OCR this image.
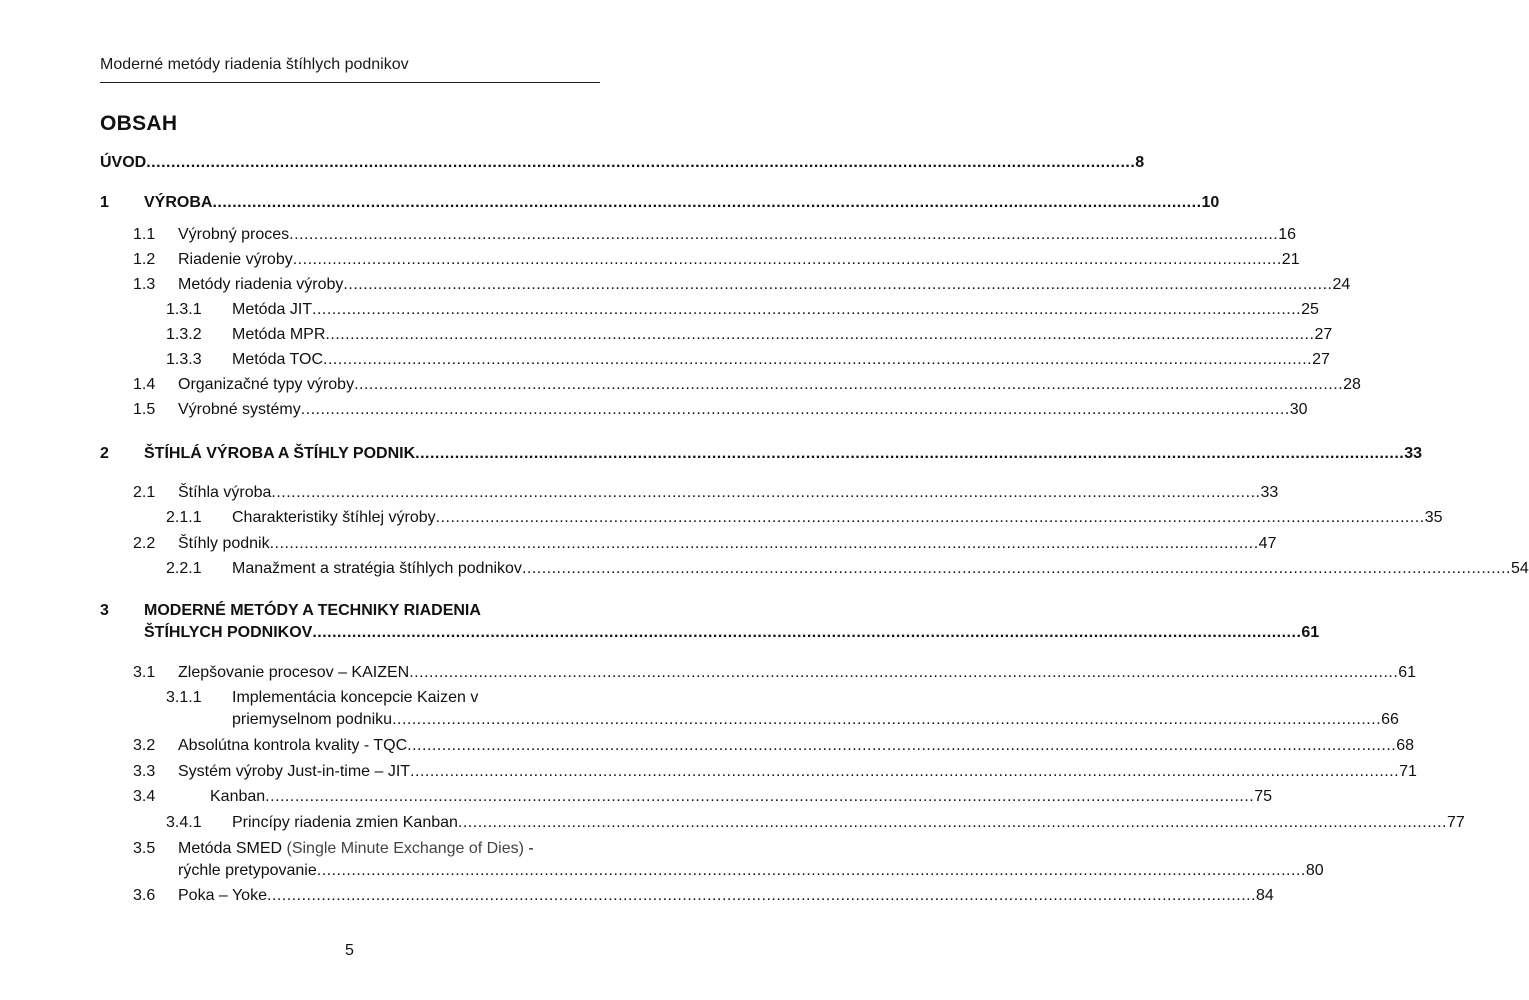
Moderné metódy riadenia štíhlych podnikov
OBSAH
ÚVOD .....	8
1	VÝROBA .....	10
1.1	Výrobný proces .....	16
1.2	Riadenie výroby .....	21
1.3	Metódy riadenia výroby .....	24
1.3.1	Metóda JIT .....	25
1.3.2	Metóda MPR .....	27
1.3.3	Metóda TOC .....	27
1.4	Organizačné typy výroby .....	28
1.5	Výrobné systémy .....	30
2	ŠTÍHLÁ VÝROBA A ŠTÍHLY PODNIK .....	33
2.1	Štíhla výroba .....	33
2.1.1	Charakteristiky štíhlej výroby .....	35
2.2	Štíhly podnik .....	47
2.2.1	Manažment a stratégia štíhlych podnikov .....	54
3 MODERNÉ METÓDY A TECHNIKY RIADENIA
ŠTÍHLYCH PODNIKOV .....	61
3.1	Zlepšovanie procesov – KAIZEN .....	61
3.1.1 Implementácia koncepcie Kaizen v
priemyselnom podniku .....	66
3.2	Absolútna kontrola kvality - TQC .....	68
3.3	Systém výroby Just-in-time – JIT .....	71
3.4	Kanban .....	75
3.4.1	Princípy riadenia zmien Kanban .....	77
3.5 Metóda SMED (Single Minute Exchange of Dies) -
rýchle pretypovanie .....	80
3.6	Poka – Yoke .....	84
5
